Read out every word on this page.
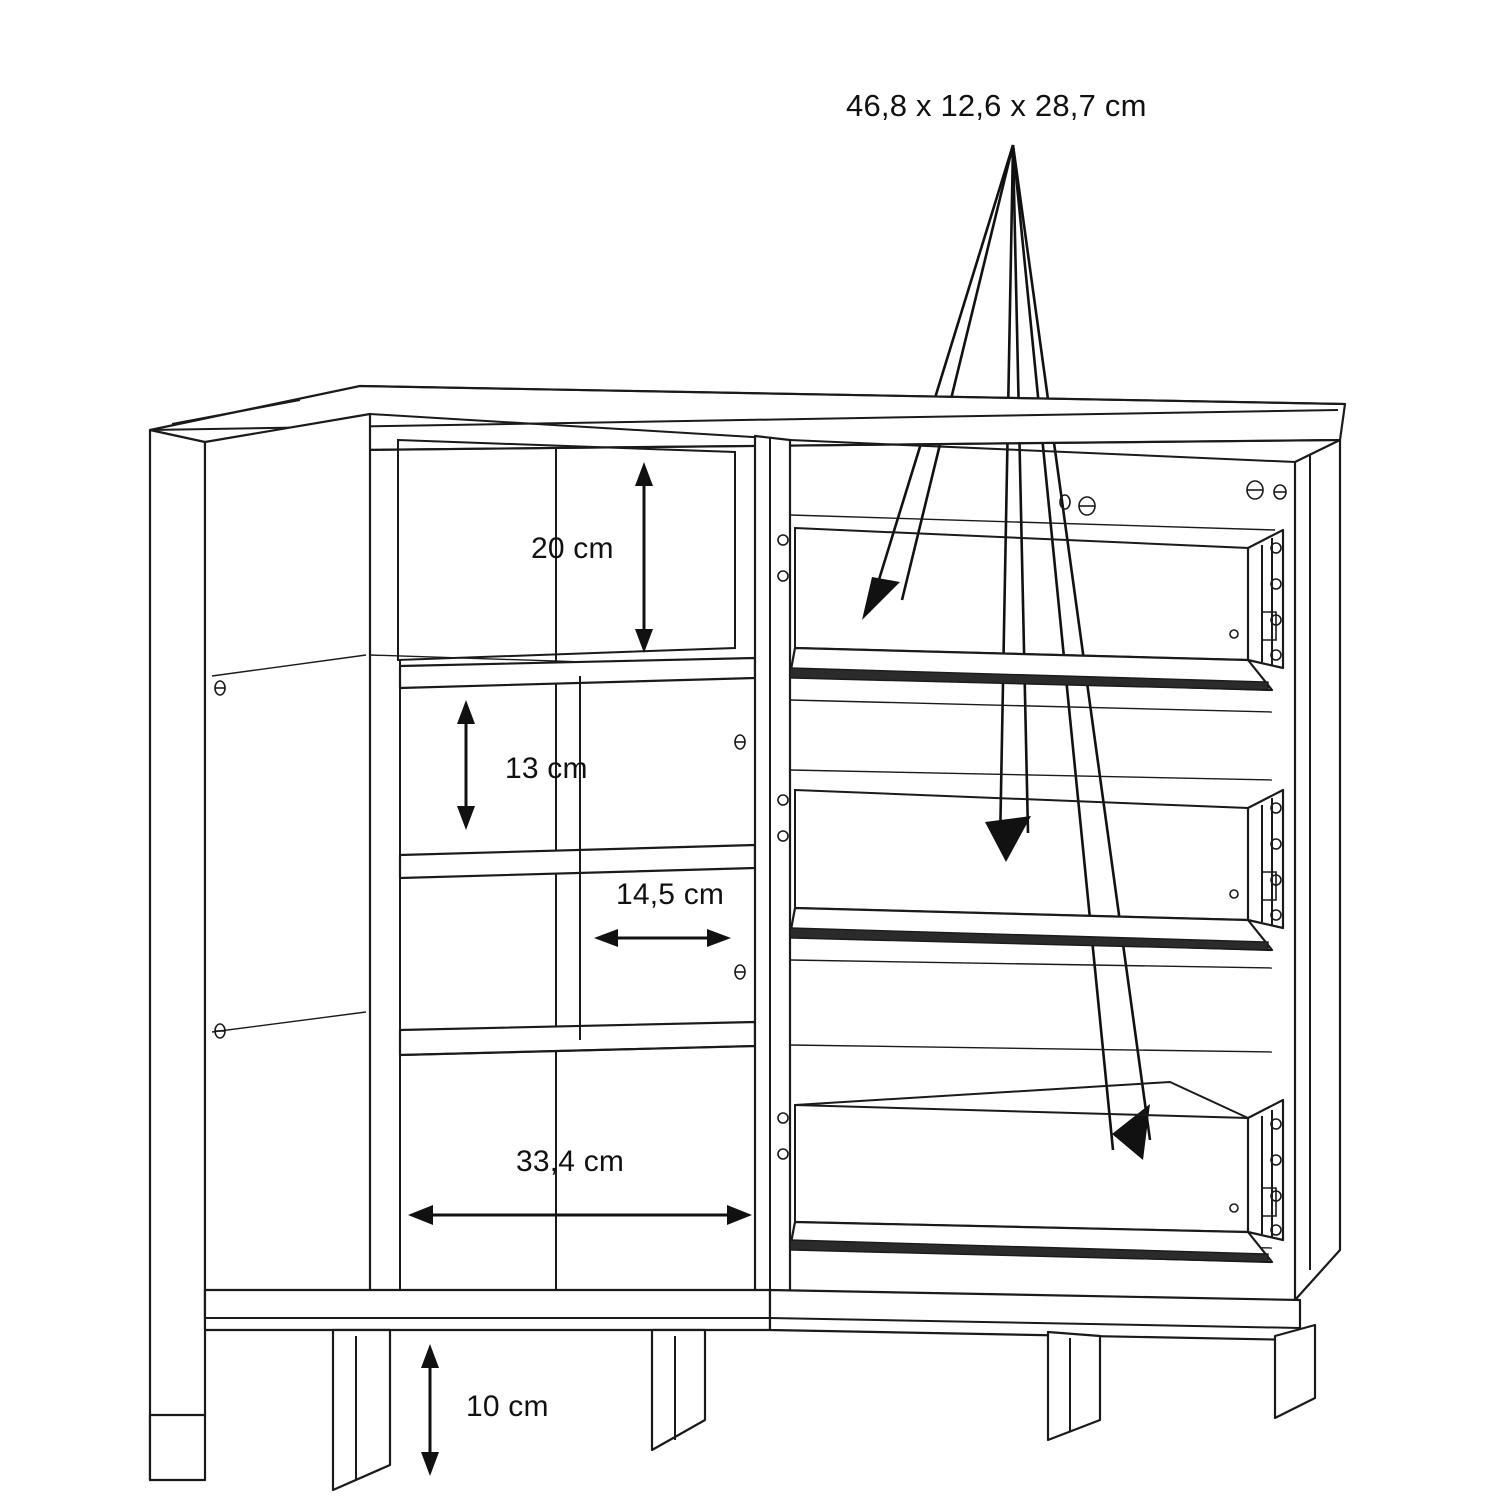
46,8 x 12,6 x 28,7 cm
20 cm
13 cm
14,5 cm
33,4 cm
10 cm
